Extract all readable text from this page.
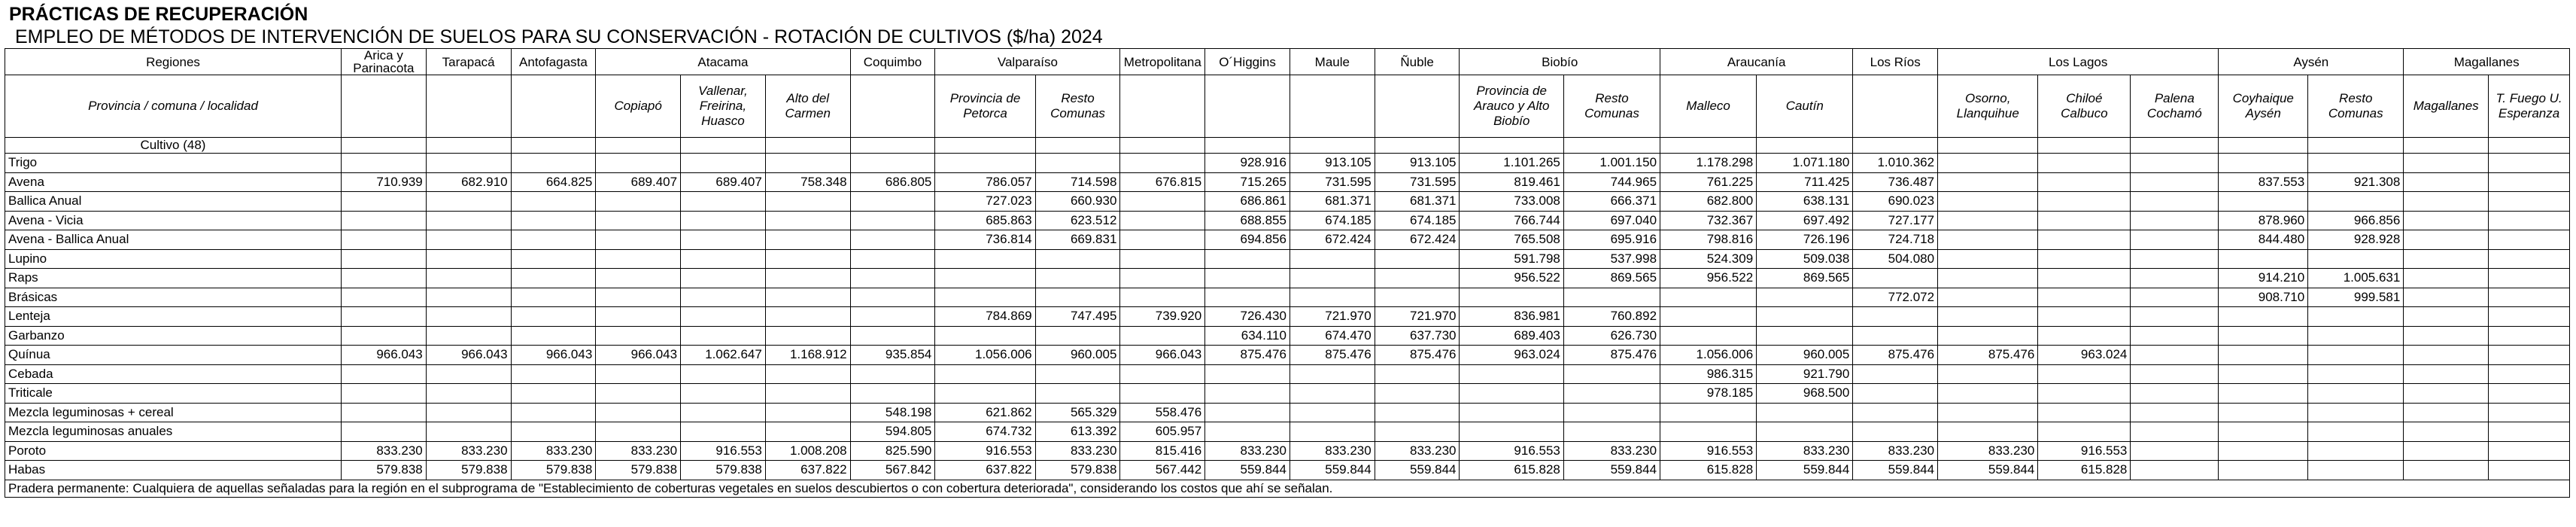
PRÁCTICAS DE RECUPERACIÓN
EMPLEO DE MÉTODOS DE INTERVENCIÓN DE SUELOS PARA SU CONSERVACIÓN - ROTACIÓN DE CULTIVOS ($/ha) 2024
Regiones	Arica y Parinacota	Tarapacá	Antofagasta	Atacama			Coquimbo	Valparaíso		Metropolitana	O´Higgins	Maule	Ñuble	Biobío		Araucanía		Los Ríos	Los Lagos			Aysén		Magallanes	
Provincia / comuna / localidad				Copiapó	Vallenar, Freirina, Huasco	Alto del Carmen		Provincia de Petorca	Resto Comunas					Provincia de Arauco y Alto Biobío	Resto Comunas	Malleco	Cautín		Osorno, Llanquihue	Chiloé Calbuco	Palena Cochamó	Coyhaique Aysén	Resto Comunas	Magallanes	T. Fuego U. Esperanza
Cultivo (48)																									
Trigo											928.916	913.105	913.105	1.101.265	1.001.150	1.178.298	1.071.180	1.010.362							
Avena	710.939	682.910	664.825	689.407	689.407	758.348	686.805	786.057	714.598	676.815	715.265	731.595	731.595	819.461	744.965	761.225	711.425	736.487				837.553	921.308		
Ballica Anual								727.023	660.930		686.861	681.371	681.371	733.008	666.371	682.800	638.131	690.023							
Avena - Vicia								685.863	623.512		688.855	674.185	674.185	766.744	697.040	732.367	697.492	727.177				878.960	966.856		
Avena - Ballica Anual								736.814	669.831		694.856	672.424	672.424	765.508	695.916	798.816	726.196	724.718				844.480	928.928		
Lupino														591.798	537.998	524.309	509.038	504.080							
Raps														956.522	869.565	956.522	869.565					914.210	1.005.631		
Brásicas																		772.072				908.710	999.581		
Lenteja								784.869	747.495	739.920	726.430	721.970	721.970	836.981	760.892										
Garbanzo											634.110	674.470	637.730	689.403	626.730										
Quínua	966.043	966.043	966.043	966.043	1.062.647	1.168.912	935.854	1.056.006	960.005	966.043	875.476	875.476	875.476	963.024	875.476	1.056.006	960.005	875.476	875.476	963.024					
Cebada																986.315	921.790								
Triticale																978.185	968.500								
Mezcla leguminosas + cereal							548.198	621.862	565.329	558.476															
Mezcla leguminosas anuales							594.805	674.732	613.392	605.957															
Poroto	833.230	833.230	833.230	833.230	916.553	1.008.208	825.590	916.553	833.230	815.416	833.230	833.230	833.230	916.553	833.230	916.553	833.230	833.230	833.230	916.553					
Habas	579.838	579.838	579.838	579.838	579.838	637.822	567.842	637.822	579.838	567.442	559.844	559.844	559.844	615.828	559.844	615.828	559.844	559.844	559.844	615.828					
Pradera permanente: Cualquiera de aquellas señaladas para la región en el subprograma de "Establecimiento de coberturas vegetales en suelos descubiertos o con cobertura deteriorada", considerando los costos que ahí se señalan.																									
